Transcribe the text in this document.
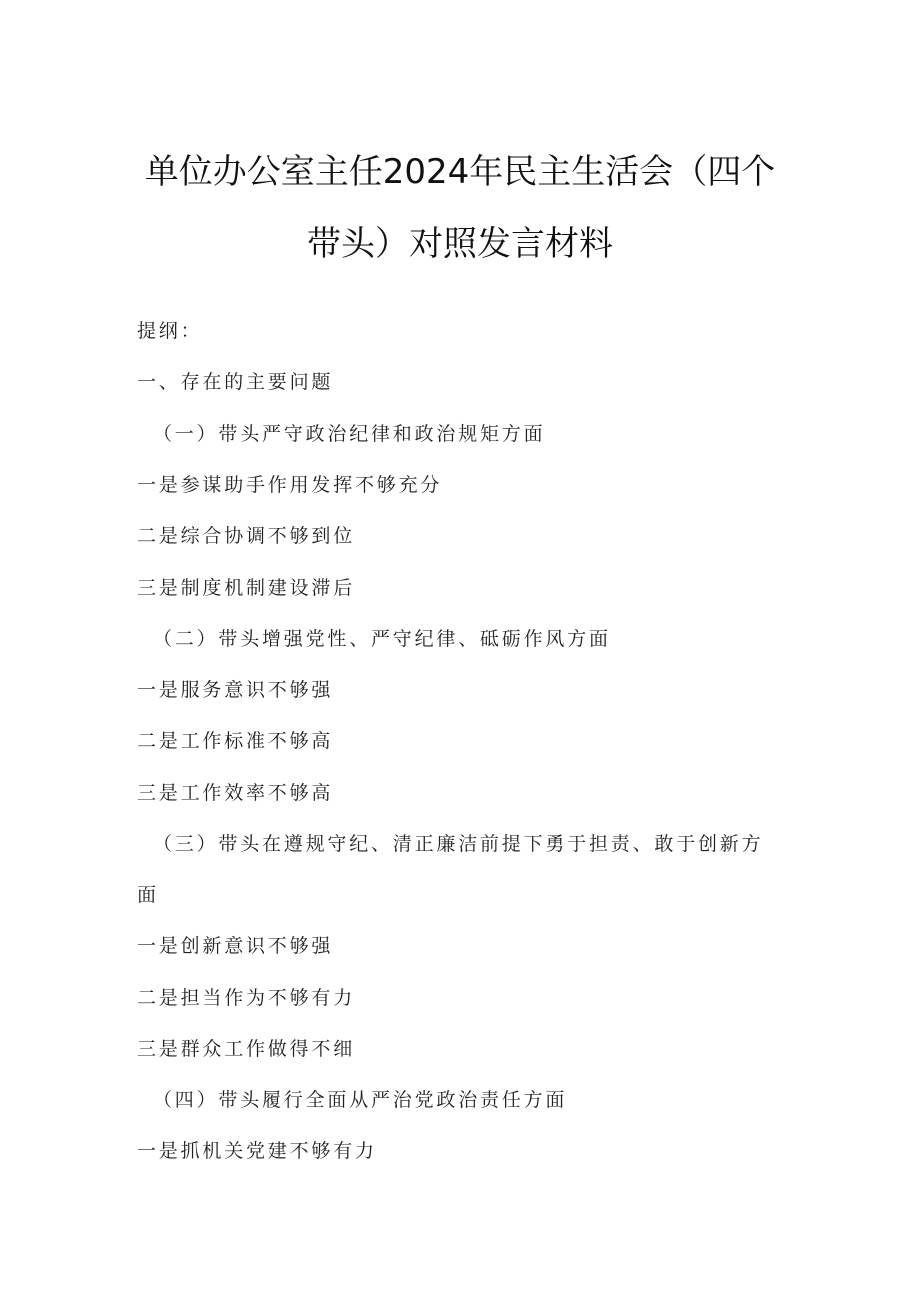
单位办公室主任2024年民主生活会（四个
带头）对照发言材料
提纲：
一、存在的主要问题
（一）带头严守政治纪律和政治规矩方面
一是参谋助手作用发挥不够充分
二是综合协调不够到位
三是制度机制建设滞后
（二）带头增强党性、严守纪律、砥砺作风方面
一是服务意识不够强
二是工作标准不够高
三是工作效率不够高
（三）带头在遵规守纪、清正廉洁前提下勇于担责、敢于创新方
面
一是创新意识不够强
二是担当作为不够有力
三是群众工作做得不细
（四）带头履行全面从严治党政治责任方面
一是抓机关党建不够有力
